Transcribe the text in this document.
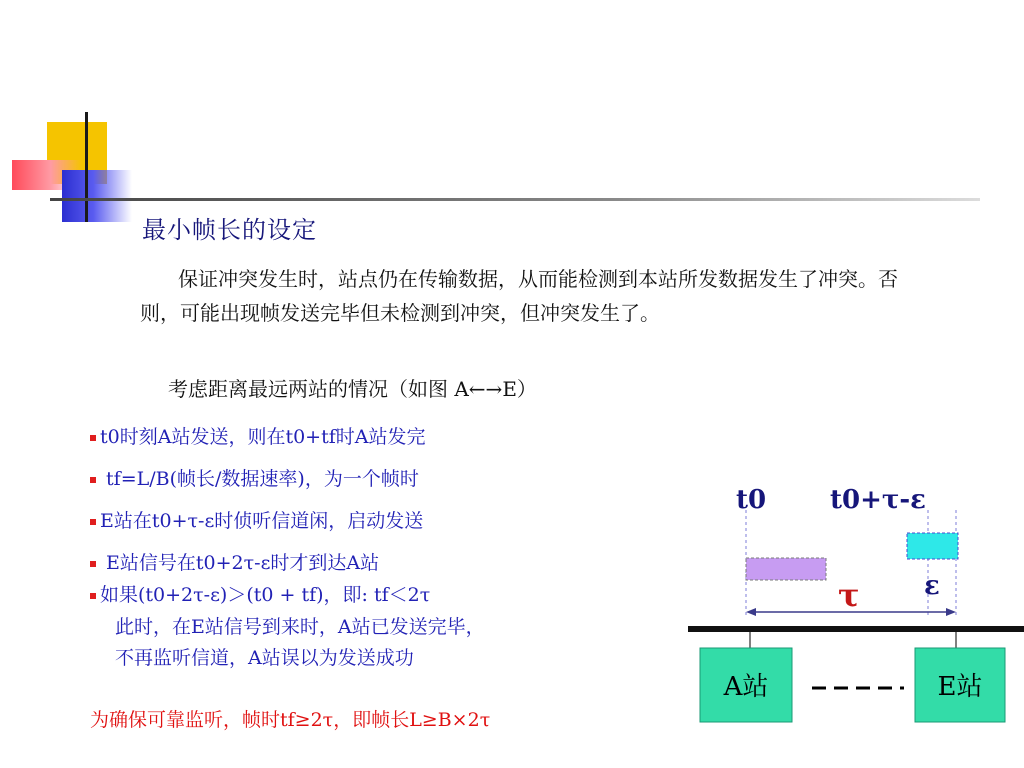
最小帧长的设定
保证冲突发生时，站点仍在传输数据，从而能检测到本站所发数据发生了冲突。否则，可能出现帧发送完毕但未检测到冲突，但冲突发生了。
考虑距离最远两站的情况（如图 A←→E）
t0时刻A站发送，则在t0+tf时A站发完
tf=L/B(帧长/数据速率)，为一个帧时
E站在t0+τ-ε时侦听信道闲，启动发送
E站信号在t0+2τ-ε时才到达A站
如果(t0+2τ-ε)＞(t0 + tf)，即: tf＜2τ
此时，在E站信号到来时，A站已发送完毕，
不再监听信道，A站误以为发送成功
为确保可靠监听，帧时tf≥2τ，即帧长L≥B×2τ
t0 t0+τ-ε
τ ε
A站	E站
